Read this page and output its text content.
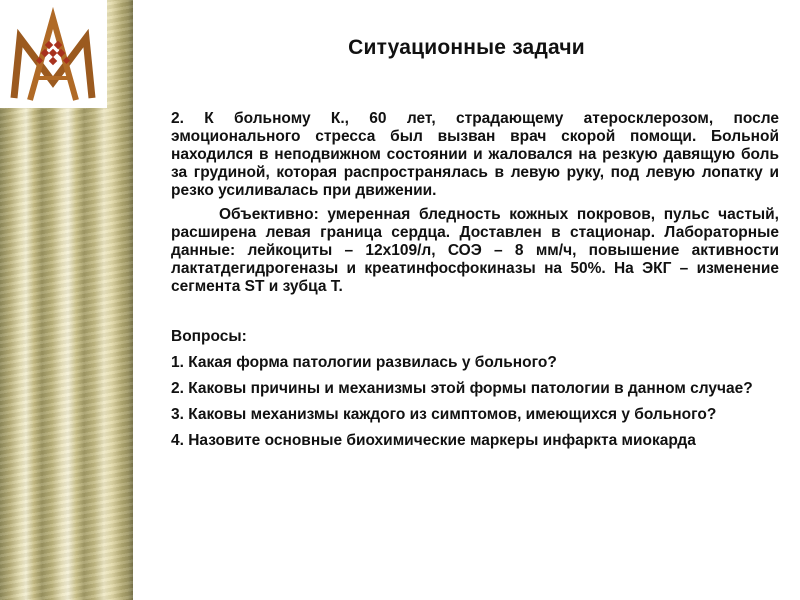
Ситуационные задачи

2. К больному К., 60 лет, страдающему атеросклерозом, после эмоционального стресса был вызван врач скорой помощи. Больной находился в неподвижном состоянии и жаловался на резкую давящую боль за грудиной, которая распространялась в левую руку, под левую лопатку и резко усиливалась при движении.

Объективно: умеренная бледность кожных покровов, пульс частый, расширена левая граница сердца. Доставлен в стационар. Лабораторные данные: лейкоциты – 12х109/л, СОЭ – 8 мм/ч, повышение активности лактатдегидрогеназы и креатинфосфокиназы на 50%. На ЭКГ – изменение сегмента ST и зубца Т.

Вопросы:

1. Какая форма патологии развилась у больного?
2. Каковы причины и механизмы этой формы патологии в данном случае?
3. Каковы механизмы каждого из симптомов, имеющихся у больного?
4. Назовите основные биохимические маркеры инфаркта миокарда
